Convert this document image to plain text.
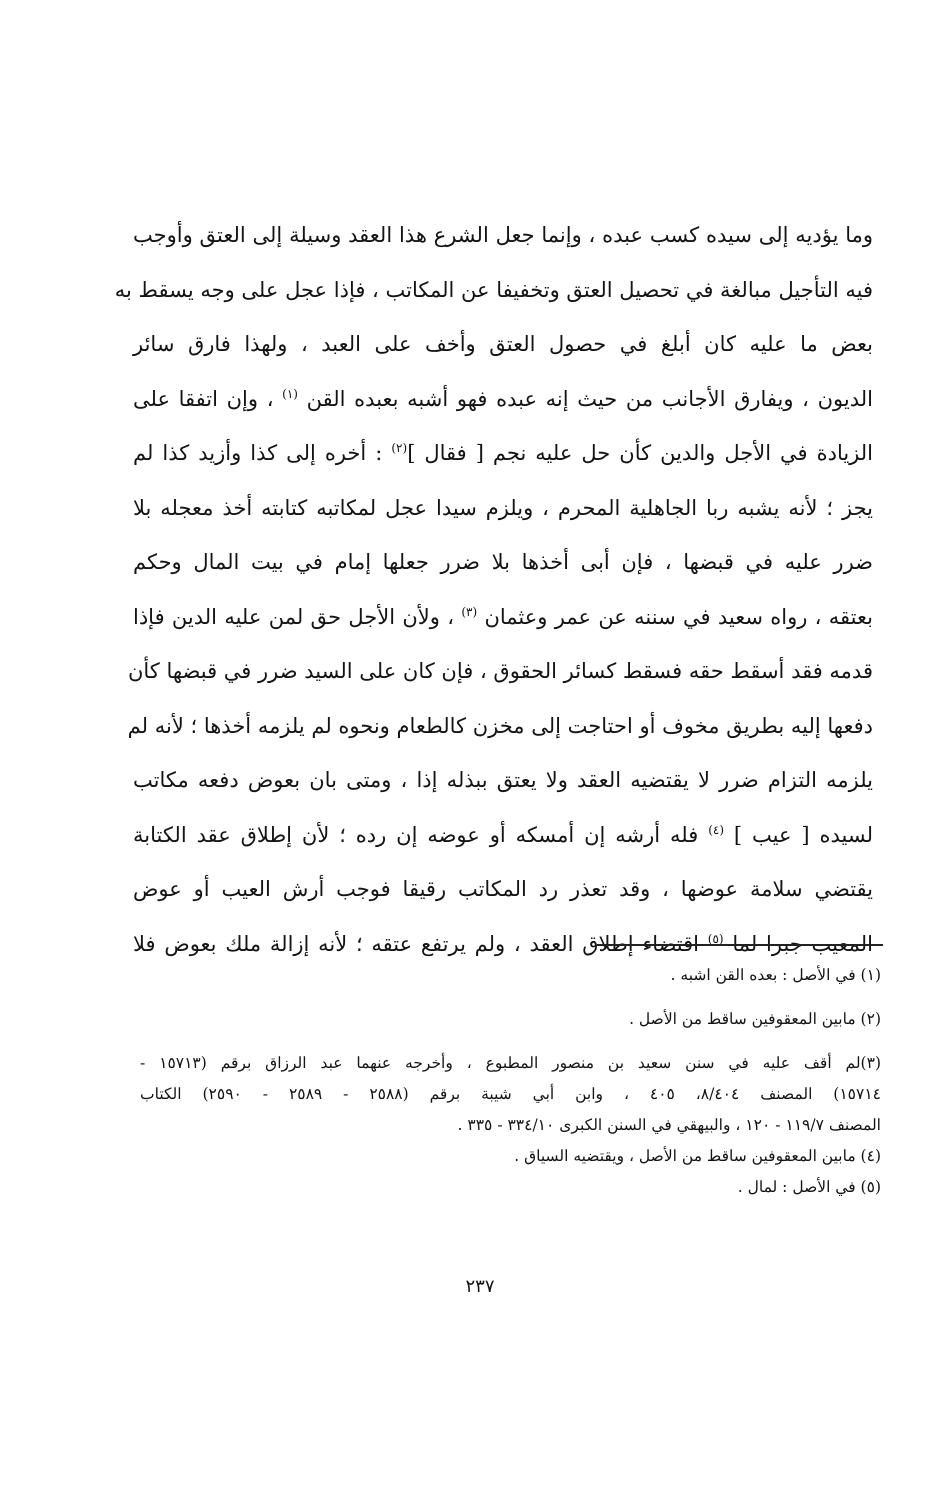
وما يؤديه إلى سيده كسب عبده ، وإنما جعل الشرع هذا العقد وسيلة إلى العتق وأوجب
فيه التأجيل مبالغة في تحصيل العتق وتخفيفا عن المكاتب ، فإذا عجل على وجه يسقط به
بعض ما عليه كان أبلغ في حصول العتق وأخف على العبد ، ولهذا فارق سائر
الديون ، ويفارق الأجانب من حيث إنه عبده فهو أشبه بعبده القن $^{(١)}$ ، وإن اتفقا على
الزيادة في الأجل والدين كأن حل عليه نجم [ فقال ]$^{(٢)}$ : أخره إلى كذا وأزيد كذا لم
يجز ؛ لأنه يشبه ربا الجاهلية المحرم ، ويلزم سيدا عجل لمكاتبه كتابته أخذ معجله بلا
ضرر عليه في قبضها ، فإن أبى أخذها بلا ضرر جعلها إمام في بيت المال وحكم
بعتقه ، رواه سعيد في سننه عن عمر وعثمان $^{(٣)}$ ، ولأن الأجل حق لمن عليه الدين فإذا
قدمه فقد أسقط حقه فسقط كسائر الحقوق ، فإن كان على السيد ضرر في قبضها كأن
دفعها إليه بطريق مخوف أو احتاجت إلى مخزن كالطعام ونحوه لم يلزمه أخذها ؛ لأنه لم
يلزمه التزام ضرر لا يقتضيه العقد ولا يعتق ببذله إذا ، ومتى بان بعوض دفعه مكاتب
لسيده [ عيب ] $^{(٤)}$ فله أرشه إن أمسكه أو عوضه إن رده ؛ لأن إطلاق عقد الكتابة
يقتضي سلامة عوضها ، وقد تعذر رد المكاتب رقيقا فوجب أرش العيب أو عوض
المعيب جبرا لما $^{(٥)}$ اقتضاء إطلاق العقد ، ولم يرتفع عتقه ؛ لأنه إزالة ملك بعوض فلا
(١) في الأصل : بعده القن اشبه .
(٢) مابين المعقوفين ساقط من الأصل .
(٣)لم أقف عليه في سنن سعيد بن منصور المطبوع ، وأخرجه عنهما عبد الرزاق برقم (١٥٧١٣ -
١٥٧١٤) المصنف ٨/٤٠٤، ٤٠٥ ، وابن أبي شيبة برقم (٢٥٨٨ - ٢٥٨٩ - ٢٥٩٠) الكتاب
المصنف ١١٩/٧ - ١٢٠ ، والبيهقي في السنن الكبرى ٣٣٤/١٠ - ٣٣٥ .
(٤) مابين المعقوفين ساقط من الأصل ، ويقتضيه السياق .
(٥) في الأصل : لمال .
٢٣٧
